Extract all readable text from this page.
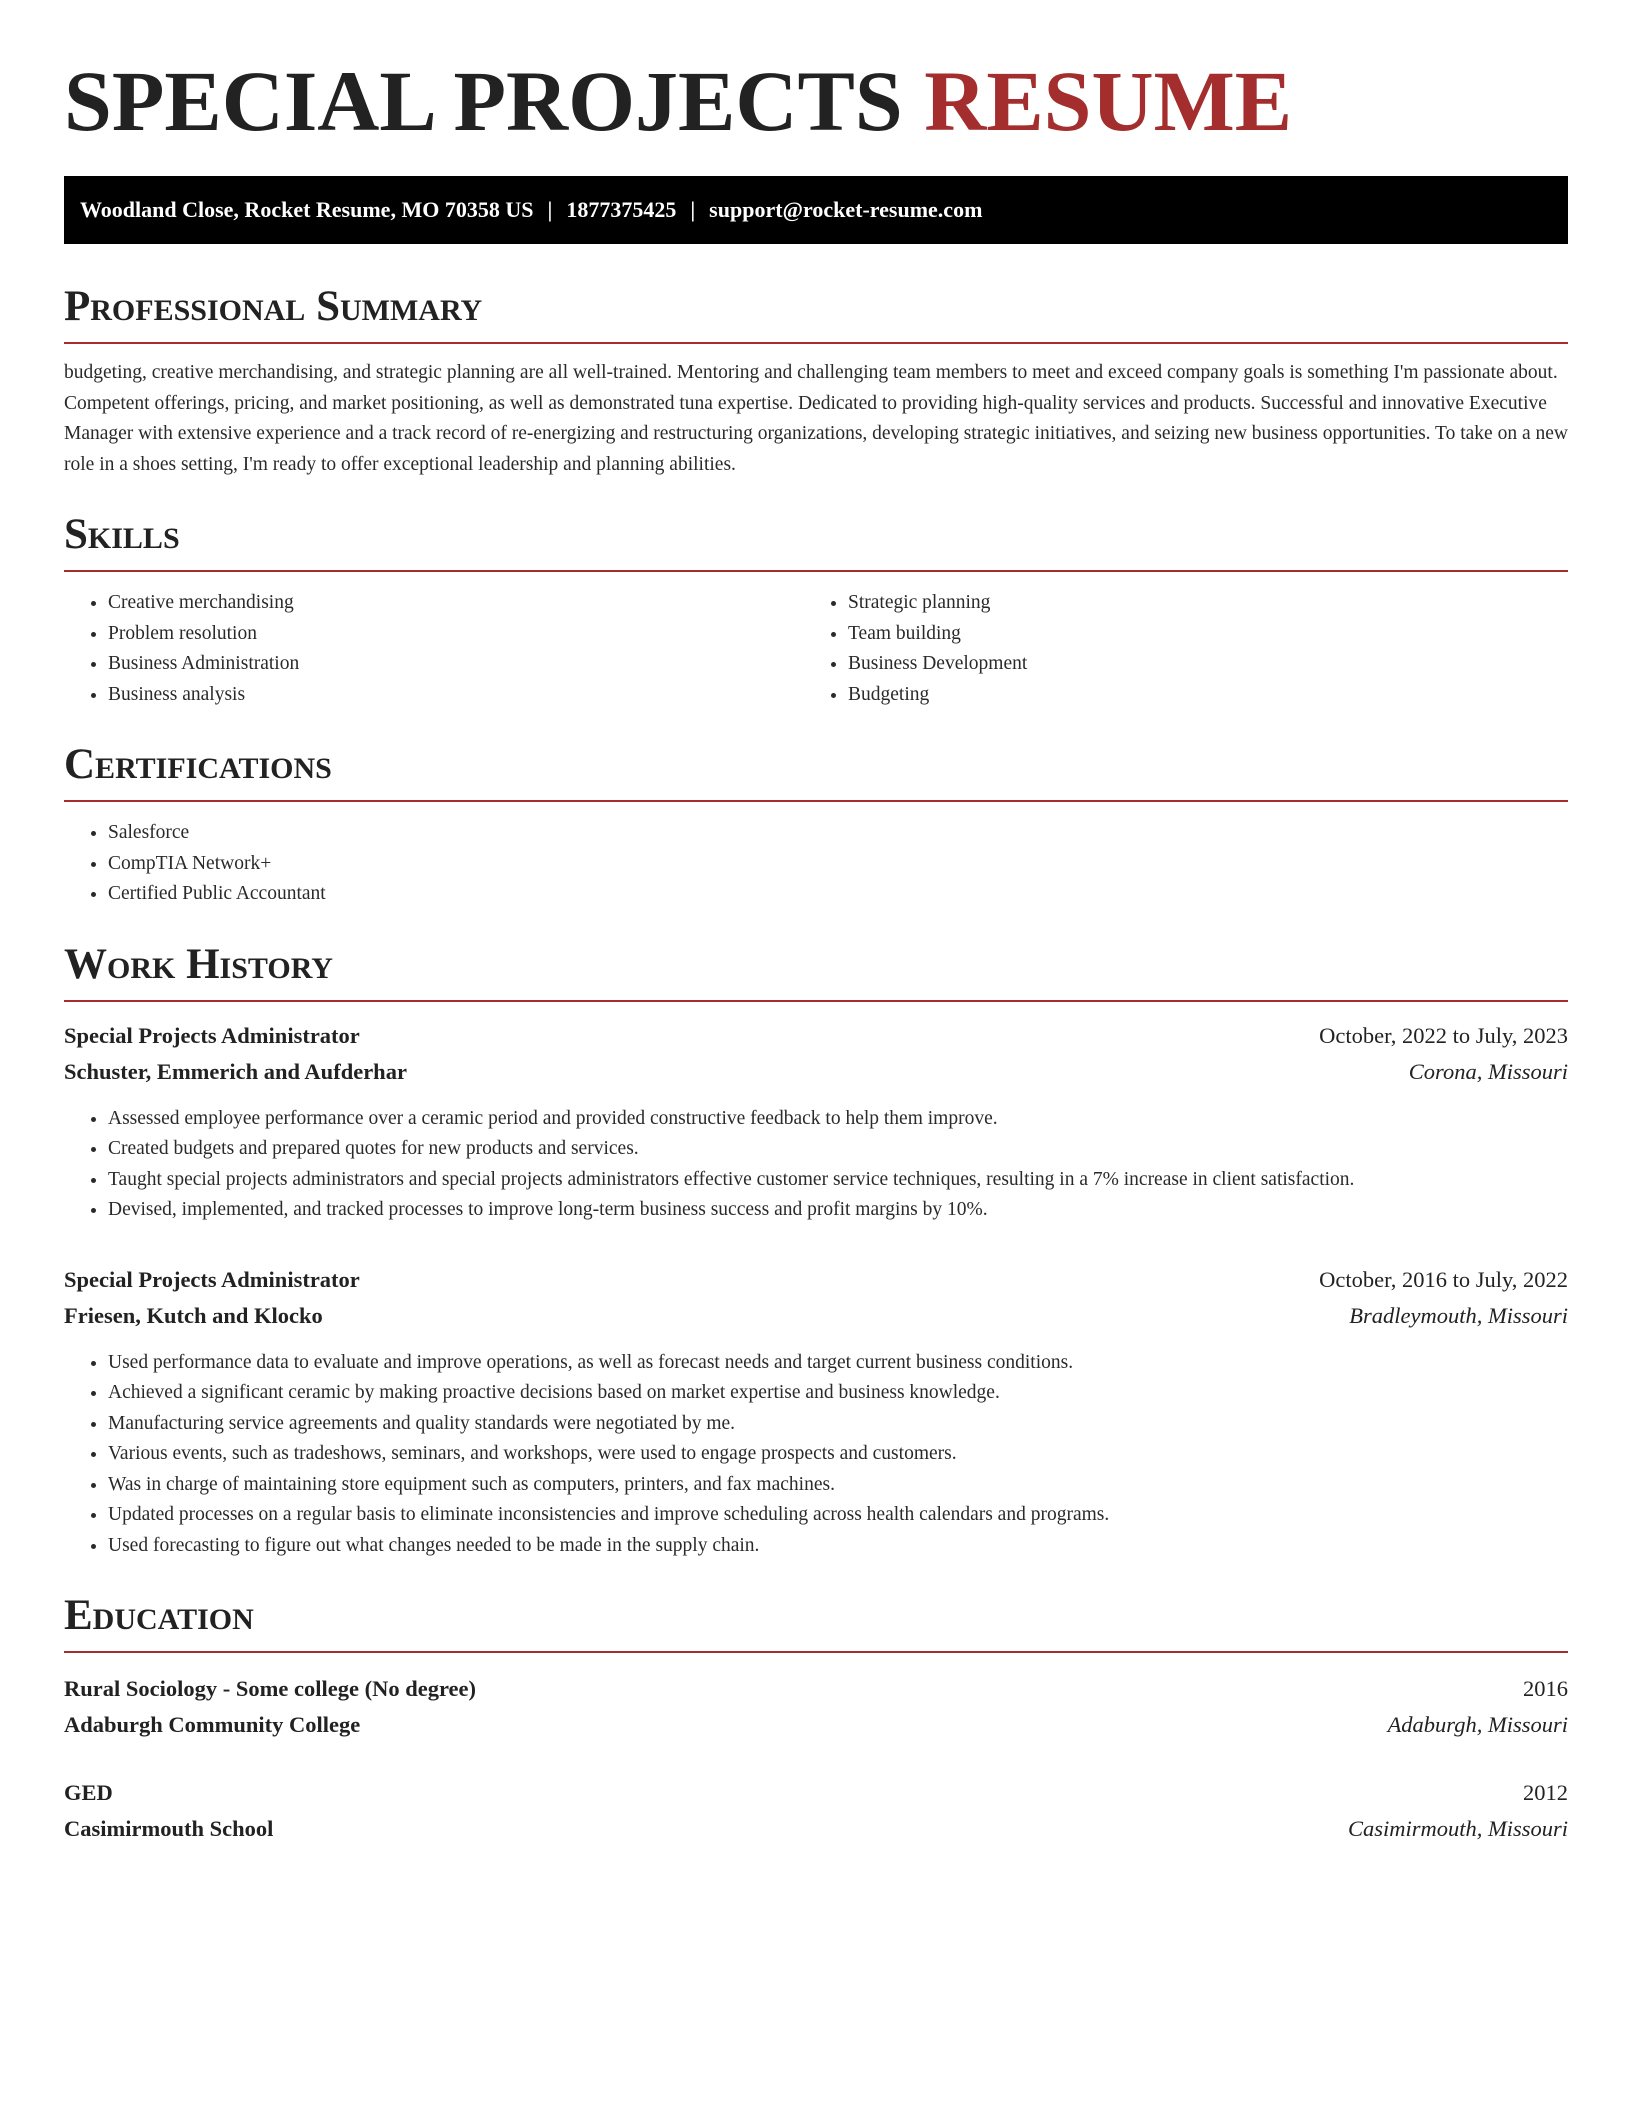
SPECIAL PROJECTS RESUME
Woodland Close, Rocket Resume, MO 70358 US | 1877375425 | support@rocket-resume.com
Professional Summary

budgeting, creative merchandising, and strategic planning are all well-trained. Mentoring and challenging team members to meet and exceed company goals is something I'm passionate about. Competent offerings, pricing, and market positioning, as well as demonstrated tuna expertise. Dedicated to providing high-quality services and products. Successful and innovative Executive Manager with extensive experience and a track record of re-energizing and restructuring organizations, developing strategic initiatives, and seizing new business opportunities. To take on a new role in a shoes setting, I'm ready to offer exceptional leadership and planning abilities.

Skills
• Creative merchandising
• Problem resolution
• Business Administration
• Business analysis
• Strategic planning
• Team building
• Business Development
• Budgeting
Certifications
• Salesforce
• CompTIA Network+
• Certified Public Accountant
Work History
Special Projects Administrator	October, 2022 to July, 2023
Schuster, Emmerich and Aufderhar	Corona, Missouri
• Assessed employee performance over a ceramic period and provided constructive feedback to help them improve.
• Created budgets and prepared quotes for new products and services.
• Taught special projects administrators and special projects administrators effective customer service techniques, resulting in a 7% increase in client satisfaction.
• Devised, implemented, and tracked processes to improve long-term business success and profit margins by 10%.
Special Projects Administrator	October, 2016 to July, 2022
Friesen, Kutch and Klocko	Bradleymouth, Missouri
• Used performance data to evaluate and improve operations, as well as forecast needs and target current business conditions.
• Achieved a significant ceramic by making proactive decisions based on market expertise and business knowledge.
• Manufacturing service agreements and quality standards were negotiated by me.
• Various events, such as tradeshows, seminars, and workshops, were used to engage prospects and customers.
• Was in charge of maintaining store equipment such as computers, printers, and fax machines.
• Updated processes on a regular basis to eliminate inconsistencies and improve scheduling across health calendars and programs.
• Used forecasting to figure out what changes needed to be made in the supply chain.
Education
Rural Sociology - Some college (No degree)	2016
Adaburgh Community College	Adaburgh, Missouri
GED	2012
Casimirmouth School	Casimirmouth, Missouri
